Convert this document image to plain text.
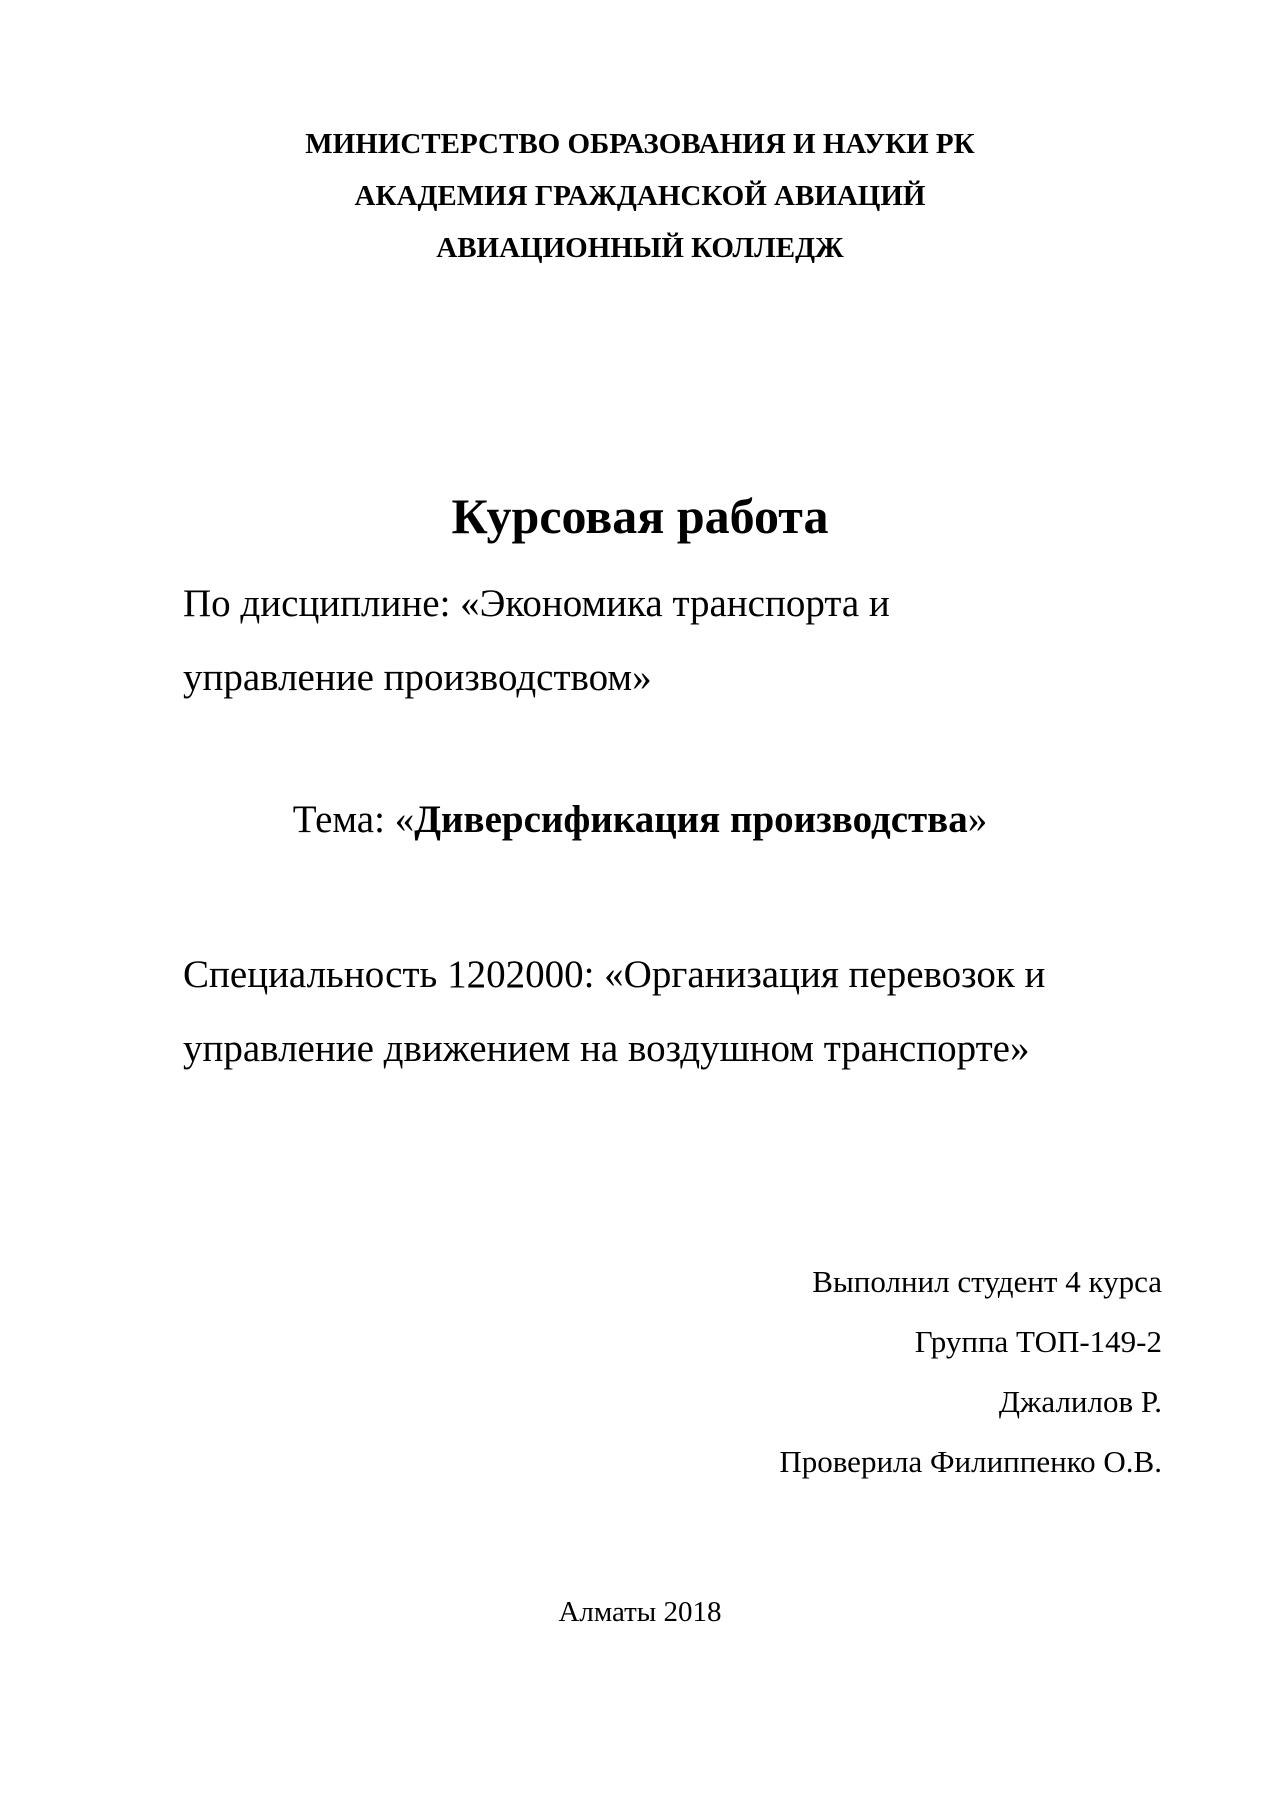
МИНИСТЕРСТВО ОБРАЗОВАНИЯ И НАУКИ РК
АКАДЕМИЯ ГРАЖДАНСКОЙ АВИАЦИЙ
АВИАЦИОННЫЙ КОЛЛЕДЖ
Курсовая работа
По дисциплине: «Экономика транспорта и
управление производством»
Тема: «Диверсификация производства»
Специальность 1202000: «Организация перевозок и
управление движением на воздушном транспорте»
Выполнил студент 4 курса
Группа ТОП-149-2
Джалилов Р.
Проверила Филиппенко О.В.
Алматы 2018
